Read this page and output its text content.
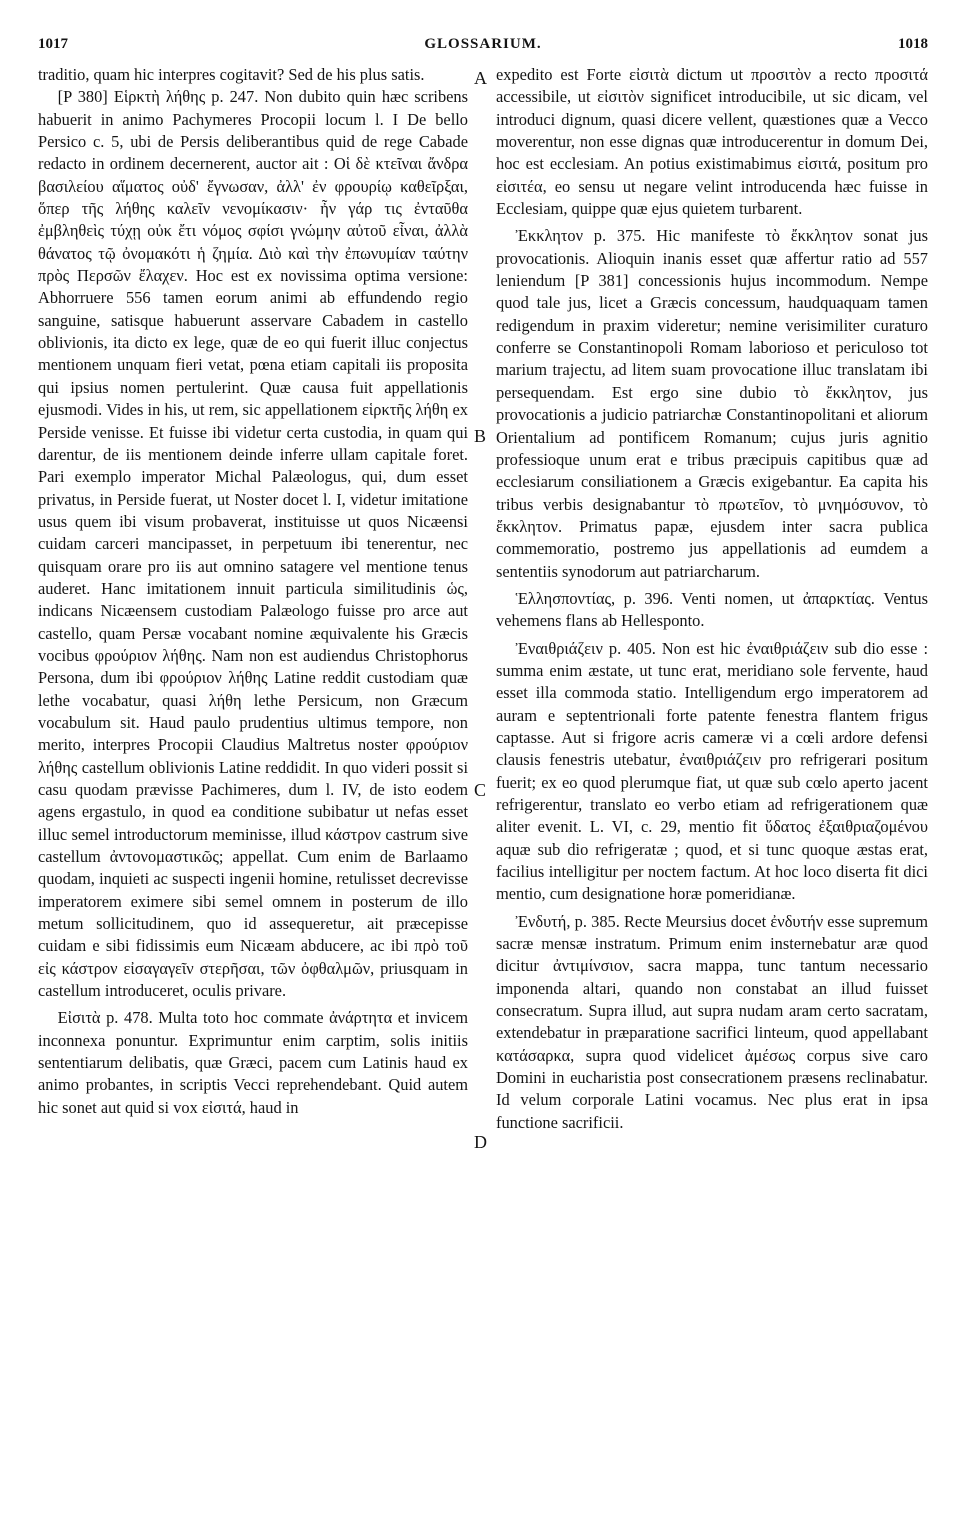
1017	GLOSSARIUM.	1018

traditio, quam hic interpres cogitavit? Sed de his plus satis.

[P 380] Εἱρκτὴ λήθης p. 247. Non dubito quin hæc scribens habuerit in animo Pachymeres Procopii locum l. I De bello Persico c. 5, ubi de Persis deliberantibus quid de rege Cabade redacto in ordinem decernerent, auctor ait : Οἱ δὲ κτεῖναι ἄνδρα βασιλείου αἵματος οὐδ' ἔγνωσαν, ἀλλ' ἐν φρουρίῳ καθεῖρξαι, ὅπερ τῆς λήθης καλεῖν νενομίκασιν· ἦν γάρ τις ἐνταῦθα ἐμβληθεὶς τύχῃ οὐκ ἔτι νόμος σφίσι γνώμην αὐτοῦ εἶναι, ἀλλὰ θάνατος τῷ ὀνομακότι ἡ ζημία. Διὸ καὶ τὴν ἐπωνυμίαν ταύτην πρὸς Περσῶν ἔλαχεν. Hoc est ex novissima optima versione: Abhorruere 556 tamen eorum animi ab effundendo regio sanguine, satisque habuerunt asservare Cabadem in castello oblivionis, ita dicto ex lege, quæ de eo qui fuerit illuc conjectus mentionem unquam fieri vetat, pœna etiam capitali iis proposita qui ipsius nomen pertulerint. Quæ causa fuit appellationis ejusmodi. Vides in his, ut rem, sic appellationem εἱρκτῆς λήθη ex Perside venisse. Et fuisse ibi videtur certa custodia, in quam qui darentur, de iis mentionem deinde inferre ullam capitale foret. Pari exemplo imperator Michal Palæologus, qui, dum esset privatus, in Perside fuerat, ut Noster docet l. I, videtur imitatione usus quem ibi visum probaverat, instituisse ut quos Nicæensi cuidam carceri mancipasset, in perpetuum ibi tenerentur, nec quisquam orare pro iis aut omnino satagere vel mentione tenus auderet. Hanc imitationem innuit particula similitudinis ὡς, indicans Nicæensem custodiam Palæologo fuisse pro arce aut castello, quam Persæ vocabant nomine æquivalente his Græcis vocibus φρούριον λήθης. Nam non est audiendus Christophorus Persona, dum ibi φρούριον λήθης Latine reddit custodiam quæ lethe vocabatur, quasi λήθη lethe Persicum, non Græcum vocabulum sit. Haud paulo prudentius ultimus tempore, non merito, interpres Procopii Claudius Maltretus noster φρούριον λήθης castellum oblivionis Latine reddidit. In quo videri possit si casu quodam prævisse Pachimeres, dum l. IV, de isto eodem agens ergastulo, in quod ea conditione subibatur ut nefas esset illuc semel introductorum meminisse, illud κάστρον castrum sive castellum ἀντονομαστικῶς; appellat. Cum enim de Barlaamo quodam, inquieti ac suspecti ingenii homine, retulisset decrevisse imperatorem eximere sibi semel omnem in posterum de illo metum sollicitudinem, quo id assequeretur, ait præcepisse cuidam e sibi fidissimis eum Nicæam abducere, ac ibi πρὸ τοῦ εἰς κάστρον εἰσαγαγεῖν στερῆσαι, τῶν ὀφθαλμῶν, priusquam in castellum introduceret, oculis privare.

Εἰσιτὰ p. 478. Multa toto hoc commate ἀνάρτητα et invicem inconnexa ponuntur. Exprimuntur enim carptim, solis initiis sententiarum delibatis, quæ Græci, pacem cum Latinis haud ex animo probantes, in scriptis Vecci reprehendebant. Quid autem hic sonet aut quid si vox εἰσιτά, haud in

A
B
C
D

expedito est Forte εἰσιτὰ dictum ut προσιτὸν a recto προσιτά accessibile, ut εἰσιτὸν significet introducibile, ut sic dicam, vel introduci dignum, quasi dicere vellent, quæstiones quæ a Vecco moverentur, non esse dignas quæ introducerentur in domum Dei, hoc est ecclesiam. An potius existimabimus εἰσιτά, positum pro εἰσιτέα, eo sensu ut negare velint introducenda hæc fuisse in Ecclesiam, quippe quæ ejus quietem turbarent.

Ἐκκλητον p. 375. Hic manifeste τὸ ἔκκλητον sonat jus provocationis. Alioquin inanis esset quæ affertur ratio ad 557 leniendum [P 381] concessionis hujus incommodum. Nempe quod tale jus, licet a Græcis concessum, haudquaquam tamen redigendum in praxim videretur; nemine verisimiliter curaturo conferre se Constantinopoli Romam laborioso et periculoso tot marium trajectu, ad litem suam provocatione illuc translatam ibi persequendam. Est ergo sine dubio τὸ ἔκκλητον, jus provocationis a judicio patriarchæ Constantinopolitani et aliorum Orientalium ad pontificem Romanum; cujus juris agnitio professioque unum erat e tribus præcipuis capitibus quæ ad ecclesiarum consiliationem a Græcis exigebantur. Ea capita his tribus verbis designabantur τὸ πρωτεῖον, τὸ μνημόσυνον, τὸ ἔκκλητον. Primatus papæ, ejusdem inter sacra publica commemoratio, postremo jus appellationis ad eumdem a sententiis synodorum aut patriarcharum.

Ἑλλησποντίας, p. 396. Venti nomen, ut ἀπαρκτίας. Ventus vehemens flans ab Hellesponto.

Ἐναιθριάζειν p. 405. Non est hic ἐναιθριάζειν sub dio esse : summa enim æstate, ut tunc erat, meridiano sole fervente, haud esset illa commoda statio. Intelligendum ergo imperatorem ad auram e septentrionali forte patente fenestra flantem frigus captasse. Aut si frigore acris cameræ vi a cœli ardore defensi clausis fenestris utebatur, ἐναιθριάζειν pro refrigerari positum fuerit; ex eo quod plerumque fiat, ut quæ sub cœlo aperto jacent refrigerentur, translato eo verbo etiam ad refrigerationem quæ aliter evenit. L. VI, c. 29, mentio fit ὕδατος ἐξαιθριαζομένου aquæ sub dio refrigeratæ ; quod, et si tunc quoque æstas erat, facilius intelligitur per noctem factum. At hoc loco diserta fit dici mentio, cum designatione horæ pomeridianæ.

Ἐνδυτή, p. 385. Recte Meursius docet ἐνδυτήν esse supremum sacræ mensæ instratum. Primum enim insternebatur aræ quod dicitur ἀντιμίνσιον, sacra mappa, tunc tantum necessario imponenda altari, quando non constabat an illud fuisset consecratum. Supra illud, aut supra nudam aram certo sacratam, extendebatur in præparatione sacrifici linteum, quod appellabant κατάσαρκα, supra quod videlicet ἀμέσως corpus sive caro Domini in eucharistia post consecrationem præsens reclinabatur. Id velum corporale Latini vocamus. Nec plus erat in ipsa functione sacrificii.
